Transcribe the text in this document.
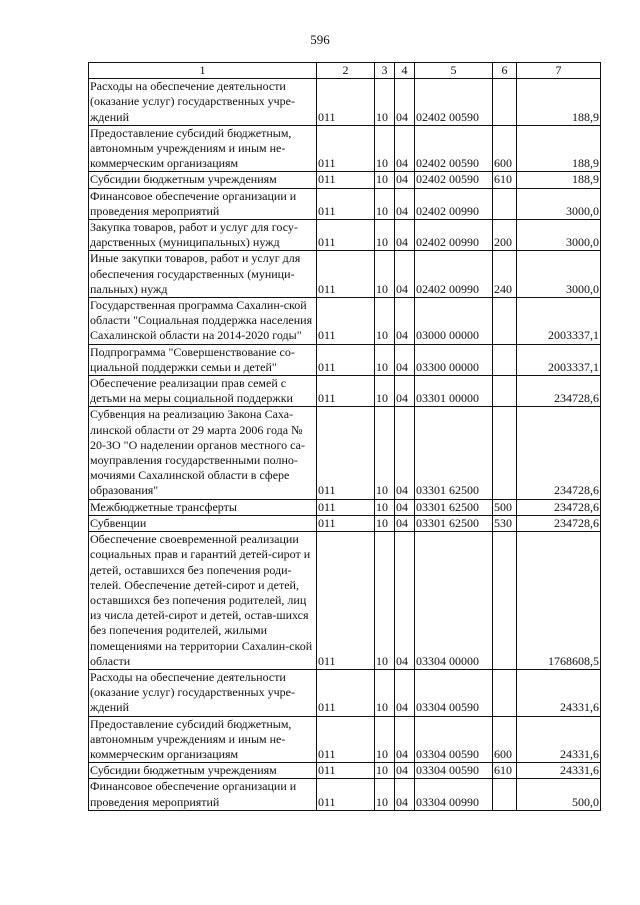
596
1	2	3	4	5	6	7
Расходы на обеспечение деятельности (оказание услуг) государственных учре-ждений	011	10	04	02402 00590		188,9
Предоставление субсидий бюджетным, автономным учреждениям и иным не-коммерческим организациям	011	10	04	02402 00590	600	188,9
Субсидии бюджетным учреждениям	011	10	04	02402 00590	610	188,9
Финансовое обеспечение организации и проведения мероприятий	011	10	04	02402 00990		3000,0
Закупка товаров, работ и услуг для госу-дарственных (муниципальных) нужд	011	10	04	02402 00990	200	3000,0
Иные закупки товаров, работ и услуг для обеспечения государственных (муници-пальных) нужд	011	10	04	02402 00990	240	3000,0
Государственная программа Сахалин-ской области "Социальная поддержка населения Сахалинской области на 2014-2020 годы"	011	10	04	03000 00000		2003337,1
Подпрограмма "Совершенствование со-циальной поддержки семьи и детей"	011	10	04	03300 00000		2003337,1
Обеспечение реализации прав семей с детьми на меры социальной поддержки	011	10	04	03301 00000		234728,6
Субвенция на реализацию Закона Саха-линской области от 29 марта 2006 года № 20-ЗО "О наделении органов местного са-моуправления государственными полно-мочиями Сахалинской области в сфере образования"	011	10	04	03301 62500		234728,6
Межбюджетные трансферты	011	10	04	03301 62500	500	234728,6
Субвенции	011	10	04	03301 62500	530	234728,6
Обеспечение своевременной реализации социальных прав и гарантий детей-сирот и детей, оставшихся без попечения роди-телей. Обеспечение детей-сирот и детей, оставшихся без попечения родителей, лиц из числа детей-сирот и детей, остав-шихся без попечения родителей, жилыми помещениями на территории Сахалин-ской области	011	10	04	03304 00000		1768608,5
Расходы на обеспечение деятельности (оказание услуг) государственных учре-ждений	011	10	04	03304 00590		24331,6
Предоставление субсидий бюджетным, автономным учреждениям и иным не-коммерческим организациям	011	10	04	03304 00590	600	24331,6
Субсидии бюджетным учреждениям	011	10	04	03304 00590	610	24331,6
Финансовое обеспечение организации и проведения мероприятий	011	10	04	03304 00990		500,0
